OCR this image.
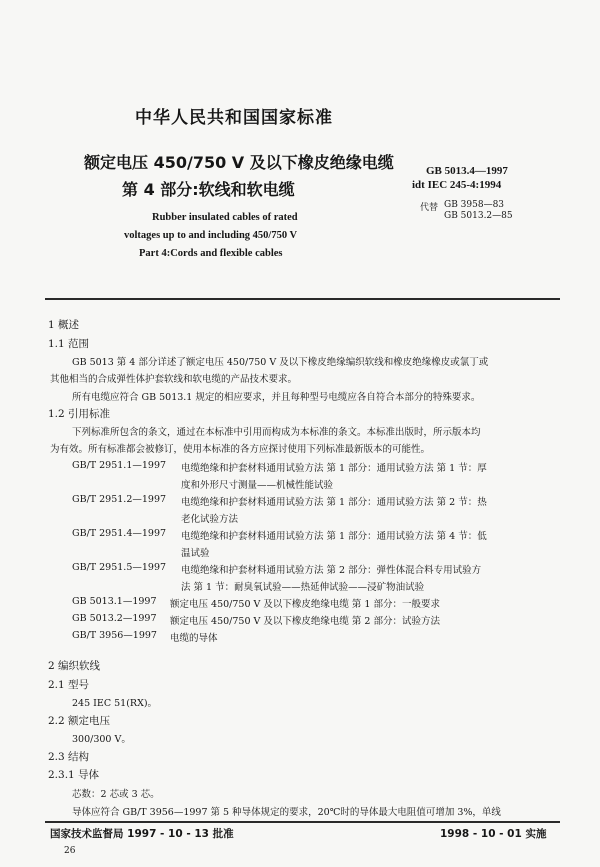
中华人民共和国国家标准
额定电压 450/750 V 及以下橡皮绝缘电缆
第 4 部分:软线和软电缆
Rubber insulated cables of rated
voltages up to and including 450/750 V
Part 4:Cords and flexible cables
GB 5013.4—1997
idt IEC 245-4:1994
代替 GB 3958—83
GB 5013.2—85
1 概述
1.1 范围
GB 5013 第 4 部分详述了额定电压 450/750 V 及以下橡皮绝缘编织软线和橡皮绝缘橡皮或氯丁或
其他相当的合成弹性体护套软线和软电缆的产品技术要求。
所有电缆应符合 GB 5013.1 规定的相应要求，并且每种型号电缆应各自符合本部分的特殊要求。
1.2 引用标准
下列标准所包含的条文，通过在本标准中引用而构成为本标准的条文。本标准出版时，所示版本均
为有效。所有标准都会被修订，使用本标准的各方应探讨使用下列标准最新版本的可能性。
GB/T 2951.1—1997 电缆绝缘和护套材料通用试验方法 第 1 部分：通用试验方法 第 1 节：厚
度和外形尺寸测量——机械性能试验
GB/T 2951.2—1997 电缆绝缘和护套材料通用试验方法 第 1 部分：通用试验方法 第 2 节：热
老化试验方法
GB/T 2951.4—1997 电缆绝缘和护套材料通用试验方法 第 1 部分：通用试验方法 第 4 节：低
温试验
GB/T 2951.5—1997 电缆绝缘和护套材料通用试验方法 第 2 部分：弹性体混合料专用试验方
法 第 1 节：耐臭氧试验——热延伸试验——浸矿物油试验
GB 5013.1—1997 额定电压 450/750 V 及以下橡皮绝缘电缆 第 1 部分：一般要求
GB 5013.2—1997 额定电压 450/750 V 及以下橡皮绝缘电缆 第 2 部分：试验方法
GB/T 3956—1997 电缆的导体
2 编织软线
2.1 型号
245 IEC 51(RX)。
2.2 额定电压
300/300 V。
2.3 结构
2.3.1 导体
芯数：2 芯或 3 芯。
导体应符合 GB/T 3956—1997 第 5 种导体规定的要求，20℃时的导体最大电阻值可增加 3%，单线
国家技术监督局 1997 - 10 - 13 批准	1998 - 10 - 01 实施
26
